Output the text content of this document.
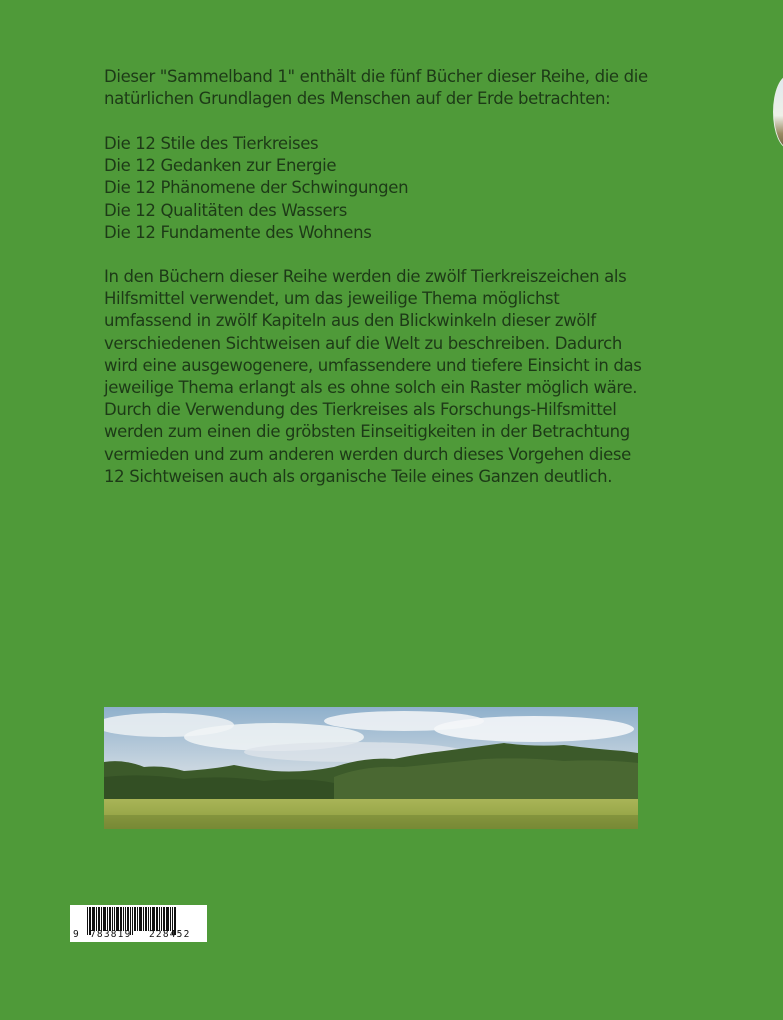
Dieser "Sammelband 1" enthält die fünf Bücher dieser Reihe, die die
natürlichen Grundlagen des Menschen auf der Erde betrachten:
Die 12 Stile des Tierkreises
Die 12 Gedanken zur Energie
Die 12 Phänomene der Schwingungen
Die 12 Qualitäten des Wassers
Die 12 Fundamente des Wohnens
In den Büchern dieser Reihe werden die zwölf Tierkreiszeichen als
Hilfsmittel verwendet, um das jeweilige Thema möglichst
umfassend in zwölf Kapiteln aus den Blickwinkeln dieser zwölf
verschiedenen Sichtweisen auf die Welt zu beschreiben. Dadurch
wird eine ausgewogenere, umfassendere und tiefere Einsicht in das
jeweilige Thema erlangt als es ohne solch ein Raster möglich wäre.
Durch die Verwendung des Tierkreises als Forschungs-Hilfsmittel
werden zum einen die gröbsten Einseitigkeiten in der Betrachtung
vermieden und zum anderen werden durch dieses Vorgehen diese
12 Sichtweisen auch als organische Teile eines Ganzen deutlich.
9 783819 228452
